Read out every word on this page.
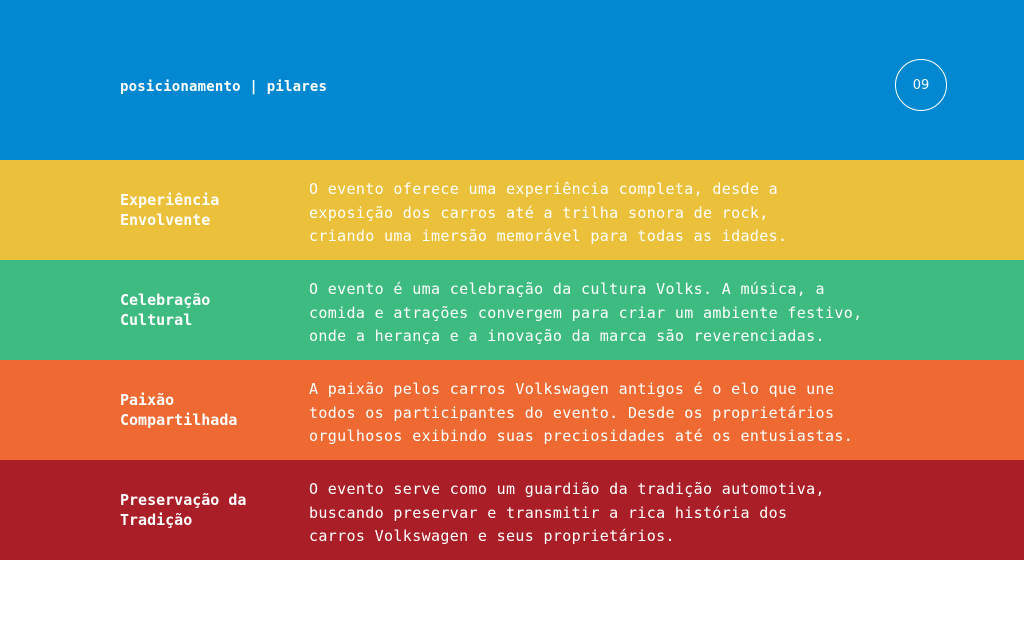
posicionamento | pilares	09
Experiência
Envolvente
O evento oferece uma experiência completa, desde a
exposição dos carros até a trilha sonora de rock,
criando uma imersão memorável para todas as idades.
Celebração
Cultural
O evento é uma celebração da cultura Volks. A música, a
comida e atrações convergem para criar um ambiente festivo,
onde a herança e a inovação da marca são reverenciadas.
Paixão
Compartilhada
A paixão pelos carros Volkswagen antigos é o elo que une
todos os participantes do evento. Desde os proprietários
orgulhosos exibindo suas preciosidades até os entusiastas.
Preservação da
Tradição
O evento serve como um guardião da tradição automotiva,
buscando preservar e transmitir a rica história dos
carros Volkswagen e seus proprietários.
